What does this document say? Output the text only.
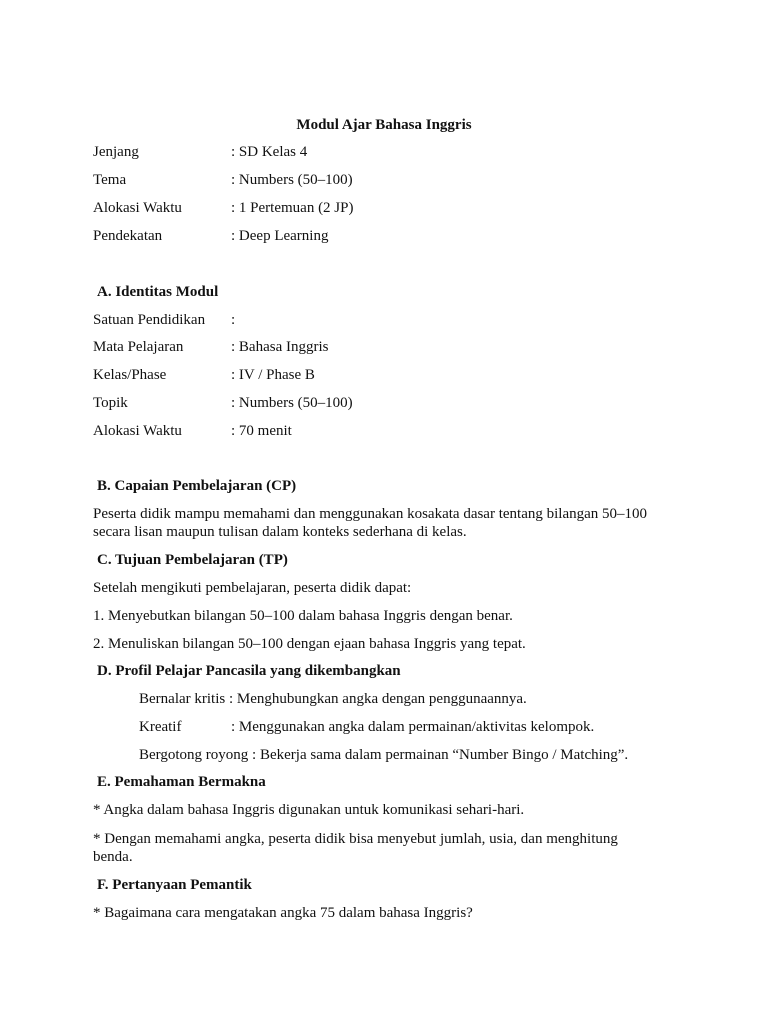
Modul Ajar Bahasa Inggris
Jenjang	: SD Kelas 4
Tema	: Numbers (50–100)
Alokasi Waktu	: 1 Pertemuan (2 JP)
Pendekatan	: Deep Learning
A. Identitas Modul
Satuan Pendidikan :
Mata Pelajaran	: Bahasa Inggris
Kelas/Phase	: IV / Phase B
Topik	: Numbers (50–100)
Alokasi Waktu	: 70 menit
B. Capaian Pembelajaran (CP)
Peserta didik mampu memahami dan menggunakan kosakata dasar tentang bilangan 50–100
secara lisan maupun tulisan dalam konteks sederhana di kelas.
C. Tujuan Pembelajaran (TP)
Setelah mengikuti pembelajaran, peserta didik dapat:
1. Menyebutkan bilangan 50–100 dalam bahasa Inggris dengan benar.
2. Menuliskan bilangan 50–100 dengan ejaan bahasa Inggris yang tepat.
D. Profil Pelajar Pancasila yang dikembangkan
Bernalar kritis : Menghubungkan angka dengan penggunaannya.
Kreatif	: Menggunakan angka dalam permainan/aktivitas kelompok.
Bergotong royong : Bekerja sama dalam permainan “Number Bingo / Matching”.
E. Pemahaman Bermakna
* Angka dalam bahasa Inggris digunakan untuk komunikasi sehari-hari.
* Dengan memahami angka, peserta didik bisa menyebut jumlah, usia, dan menghitung
benda.
F. Pertanyaan Pemantik
* Bagaimana cara mengatakan angka 75 dalam bahasa Inggris?
